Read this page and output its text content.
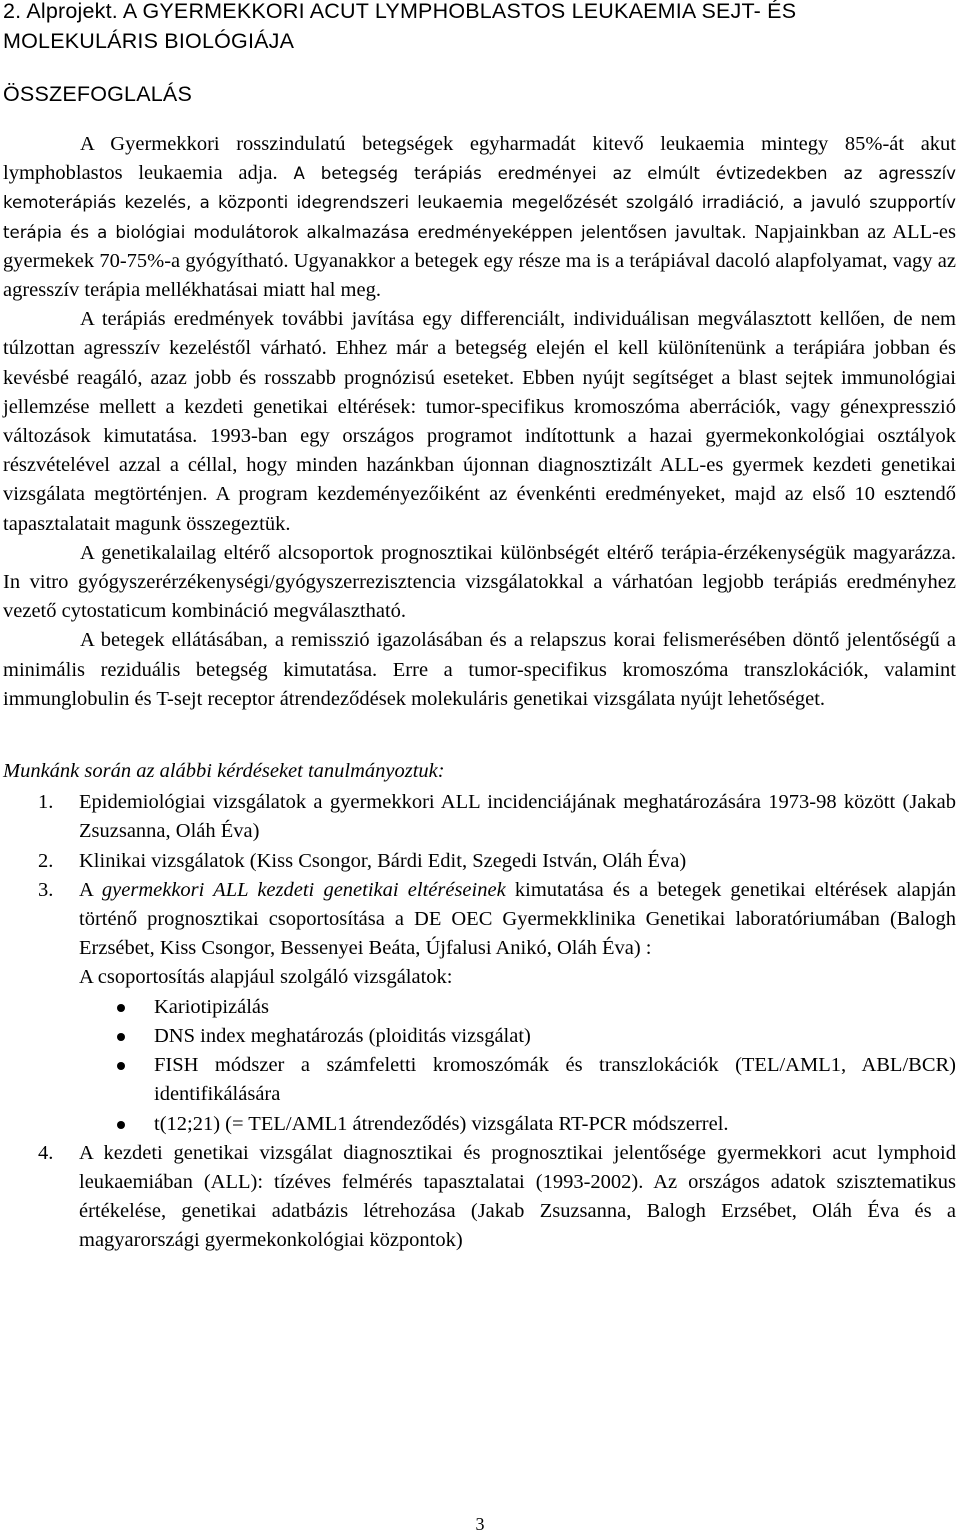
2. Alprojekt. A GYERMEKKORI ACUT LYMPHOBLASTOS LEUKAEMIA SEJT- ÉS MOLEKULÁRIS BIOLÓGIÁJA
ÖSSZEFOGLALÁS

A Gyermekkori rosszindulatú betegségek egyharmadát kitevő leukaemia mintegy 85%-át akut lymphoblastos leukaemia adja. A betegség terápiás eredményei az elmúlt évtizedekben az agresszív kemoterápiás kezelés, a központi idegrendszeri leukaemia megelőzését szolgáló irradiáció, a javuló szupportív terápia és a biológiai modulátorok alkalmazása eredményeképpen jelentősen javultak. Napjainkban az ALL-es gyermekek 70-75%-a gyógyítható. Ugyanakkor a betegek egy része ma is a terápiával dacoló alapfolyamat, vagy az agresszív terápia mellékhatásai miatt hal meg.

A terápiás eredmények további javítása egy differenciált, individuálisan megválasztott kellően, de nem túlzottan agresszív kezeléstől várható. Ehhez már a betegség elején el kell különítenünk a terápiára jobban és kevésbé reagáló, azaz jobb és rosszabb prognózisú eseteket. Ebben nyújt segítséget a blast sejtek immunológiai jellemzése mellett a kezdeti genetikai eltérések: tumor-specifikus kromoszóma aberrációk, vagy génexpresszió változások kimutatása. 1993-ban egy országos programot indítottunk a hazai gyermekonkológiai osztályok részvételével azzal a céllal, hogy minden hazánkban újonnan diagnosztizált ALL-es gyermek kezdeti genetikai vizsgálata megtörténjen. A program kezdeményezőiként az évenkénti eredményeket, majd az első 10 esztendő tapasztalatait magunk összegeztük.

A genetikalailag eltérő alcsoportok prognosztikai különbségét eltérő terápia-érzékenységük magyarázza. In vitro gyógyszerérzékenységi/gyógyszerrezisztencia vizsgálatokkal a várhatóan legjobb terápiás eredményhez vezető cytostaticum kombináció megválasztható.

A betegek ellátásában, a remisszió igazolásában és a relapszus korai felismerésében döntő jelentőségű a minimális reziduális betegség kimutatása. Erre a tumor-specifikus kromoszóma transzlokációk, valamint immunglobulin és T-sejt receptor átrendeződések molekuláris genetikai vizsgálata nyújt lehetőséget.

Munkánk során az alábbi kérdéseket tanulmányoztuk:

1. Epidemiológiai vizsgálatok a gyermekkori ALL incidenciájának meghatározására 1973-98 között (Jakab Zsuzsanna, Oláh Éva)
2. Klinikai vizsgálatok (Kiss Csongor, Bárdi Edit, Szegedi István, Oláh Éva)
3. A gyermekkori ALL kezdeti genetikai eltéréseinek kimutatása és a betegek genetikai eltérések alapján történő prognosztikai csoportosítása a DE OEC Gyermekklinika Genetikai laboratóriumában (Balogh Erzsébet, Kiss Csongor, Bessenyei Beáta, Újfalusi Anikó, Oláh Éva) :
A csoportosítás alapjául szolgáló vizsgálatok:
Kariotipizálás
DNS index meghatározás (ploiditás vizsgálat)
FISH módszer a számfeletti kromoszómák és transzlokációk (TEL/AML1, ABL/BCR) identifikálására
t(12;21) (= TEL/AML1 átrendeződés) vizsgálata RT-PCR módszerrel.
4. A kezdeti genetikai vizsgálat diagnosztikai és prognosztikai jelentősége gyermekkori acut lymphoid leukaemiában (ALL): tízéves felmérés tapasztalatai (1993-2002). Az országos adatok szisztematikus értékelése, genetikai adatbázis létrehozása (Jakab Zsuzsanna, Balogh Erzsébet, Oláh Éva és a magyarországi gyermekonkológiai központok)
3
